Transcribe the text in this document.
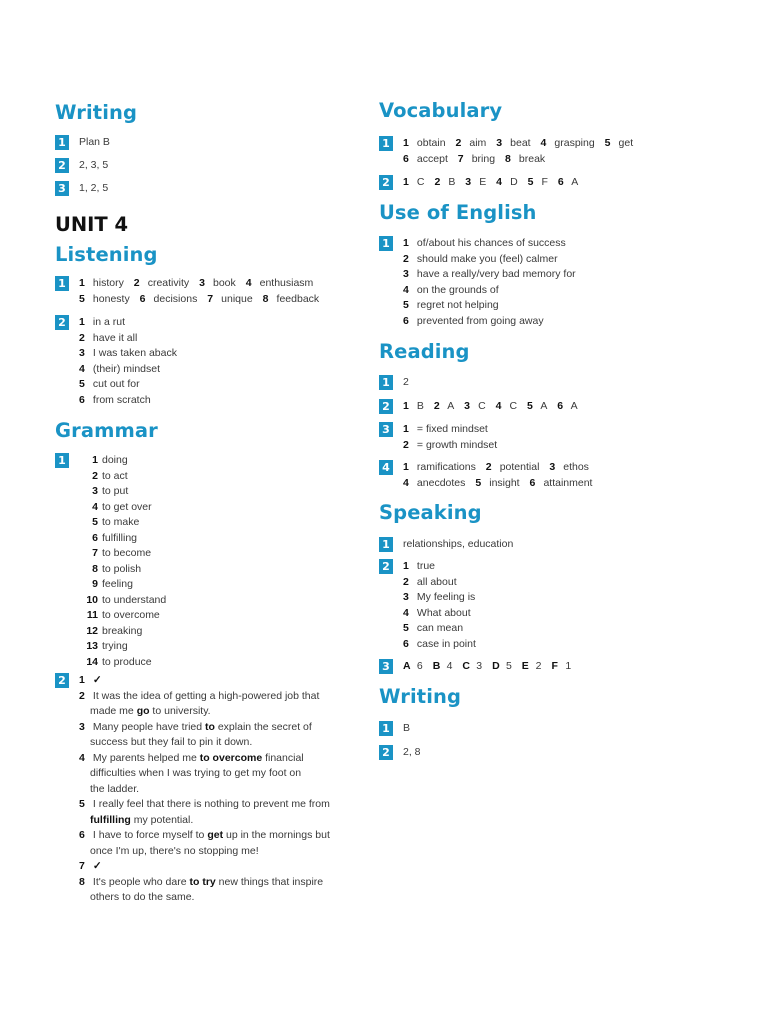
Writing
1	Plan B
2	2, 3, 5
3	1, 2, 5
UNIT 4
Listening
1	1 history 2 creativity 3 book 4 enthusiasm
5 honesty 6 decisions 7 unique 8 feedback
2	1 in a rut
2 have it all
3 I was taken aback
4 (their) mindset
5 cut out for
6 from scratch
Grammar
1	1 doing
2 to act
3 to put
4 to get over
5 to make
6 fulfilling
7 to become
8 to polish
9 feeling
10 to understand
11 to overcome
12 breaking
13 trying
14 to produce
2	1 ✓
2 It was the idea of getting a high-powered job that
made me go to university.
3 Many people have tried to explain the secret of
success but they fail to pin it down.
4 My parents helped me to overcome financial
difficulties when I was trying to get my foot on
the ladder.
5 I really feel that there is nothing to prevent me from
fulfilling my potential.
6 I have to force myself to get up in the mornings but
once I'm up, there's no stopping me!
7 ✓
8 It's people who dare to try new things that inspire
others to do the same.
Vocabulary
1	1 obtain 2 aim 3 beat 4 grasping 5 get
6 accept 7 bring 8 break
2	1 C 2 B 3 E 4 D 5 F 6 A
Use of English
1	1 of/about his chances of success
2 should make you (feel) calmer
3 have a really/very bad memory for
4 on the grounds of
5 regret not helping
6 prevented from going away
Reading
1	2
2	1 B 2 A 3 C 4 C 5 A 6 A
3	1 = fixed mindset
2 = growth mindset
4	1 ramifications 2 potential 3 ethos
4 anecdotes 5 insight 6 attainment
Speaking
1	relationships, education
2	1 true
2 all about
3 My feeling is
4 What about
5 can mean
6 case in point
3	A 6 B 4 C 3 D 5 E 2 F 1
Writing
1	B
2	2, 8
